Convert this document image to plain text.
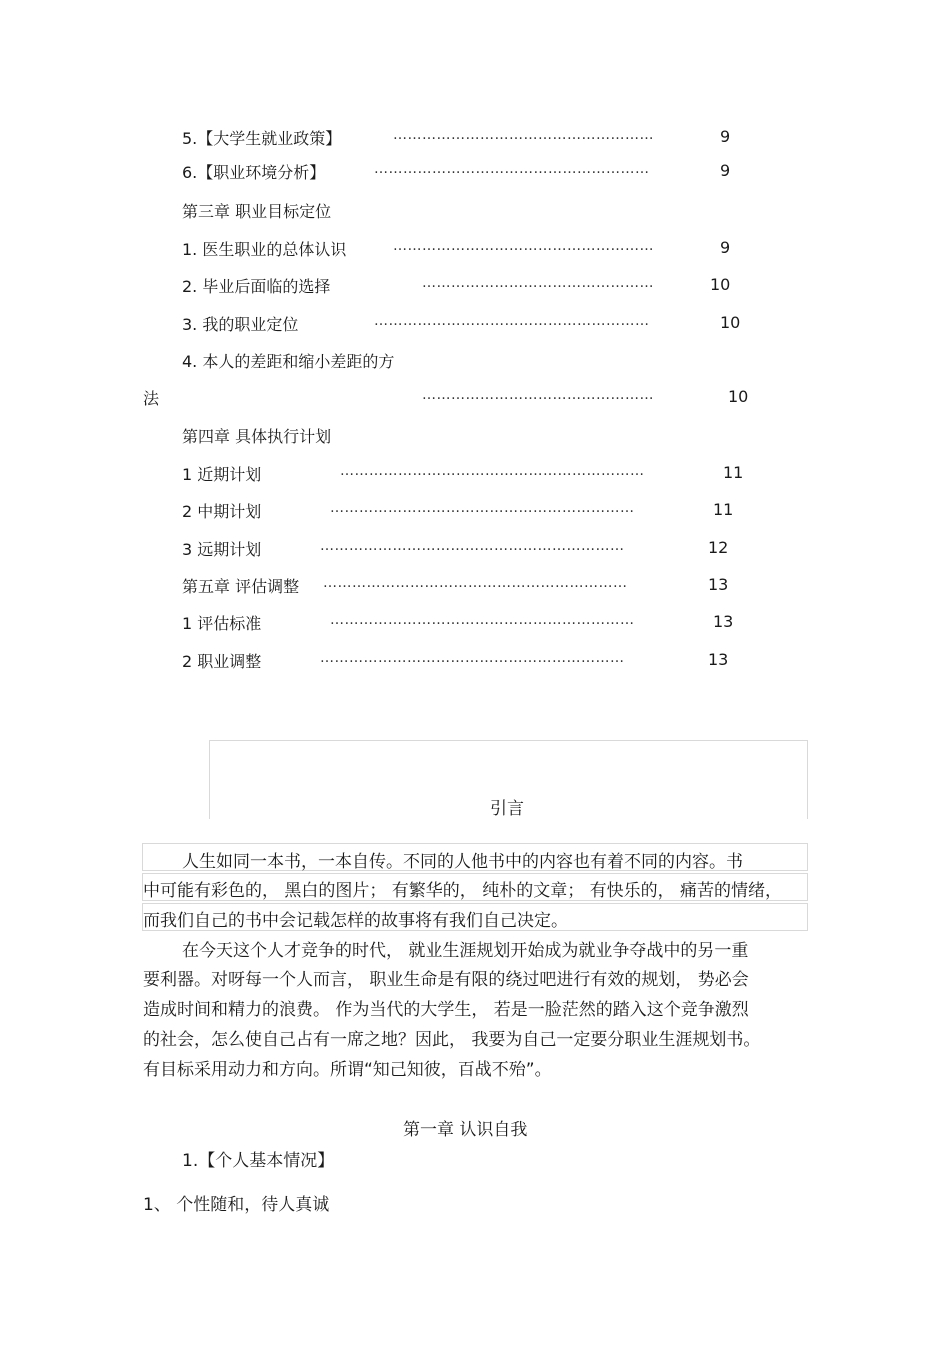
5.【大学生就业政策】	………………………………………………	9
6.【职业环境分析】	…………………………………………………	9
第三章 职业目标定位
1. 医生职业的总体认识	………………………………………………	9
2. 毕业后面临的选择	…………………………………………	10
3. 我的职业定位	…………………………………………………	10
4. 本人的差距和缩小差距的方
法	…………………………………………	10
第四章 具体执行计划
1 近期计划	………………………………………………………	11
2 中期计划	………………………………………………………	11
3 远期计划	………………………………………………………	12
第五章 评估调整 ………………………………………………………	13
1 评估标准	………………………………………………………	13
2 职业调整	………………………………………………………	13
引言
人生如同一本书，一本自传。不同的人他书中的内容也有着不同的内容。书
中可能有彩色的， 黑白的图片； 有繁华的， 纯朴的文章； 有快乐的， 痛苦的情绪，
而我们自己的书中会记载怎样的故事将有我们自己决定。
在今天这个人才竞争的时代， 就业生涯规划开始成为就业争夺战中的另一重
要利器。对呀每一个人而言， 职业生命是有限的绕过吧进行有效的规划， 势必会
造成时间和精力的浪费。 作为当代的大学生， 若是一脸茫然的踏入这个竞争激烈
的社会，怎么使自己占有一席之地？因此， 我要为自己一定要分职业生涯规划书。
有目标采用动力和方向。所谓“知己知彼，百战不殆”。
第一章 认识自我
1.【个人基本情况】
1、 个性随和，待人真诚
